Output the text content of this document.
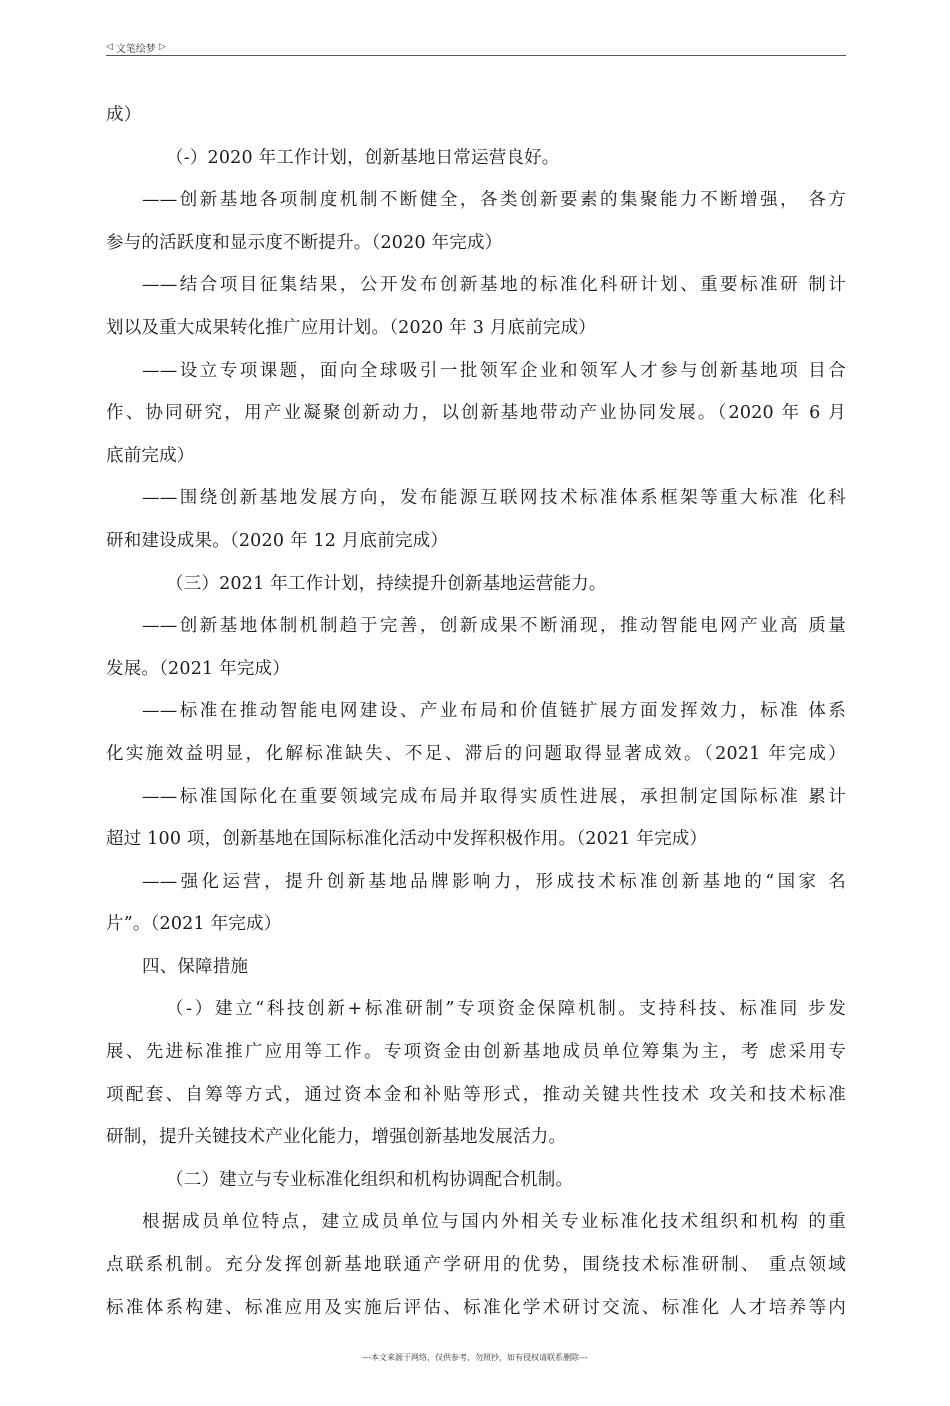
◁ 文笔绘梦 ▷
成）
（-）2020 年工作计划，创新基地日常运营良好。
——创新基地各项制度机制不断健全，各类创新要素的集聚能力不断增强， 各方
参与的活跃度和显示度不断提升。（2020 年完成）
——结合项目征集结果，公开发布创新基地的标准化科研计划、重要标准研 制计
划以及重大成果转化推广应用计划。（2020 年 3 月底前完成）
——设立专项课题，面向全球吸引一批领军企业和领军人才参与创新基地项 目合
作、协同研究，用产业凝聚创新动力，以创新基地带动产业协同发展。（2020 年 6 月
底前完成）
——围绕创新基地发展方向，发布能源互联网技术标准体系框架等重大标准 化科
研和建设成果。（2020 年 12 月底前完成）
（三）2021 年工作计划，持续提升创新基地运营能力。
——创新基地体制机制趋于完善，创新成果不断涌现，推动智能电网产业高 质量
发展。（2021 年完成）
——标准在推动智能电网建设、产业布局和价值链扩展方面发挥效力，标准 体系
化实施效益明显，化解标准缺失、不足、滞后的问题取得显著成效。（2021 年完成）
——标准国际化在重要领域完成布局并取得实质性进展，承担制定国际标准 累计
超过 100 项，创新基地在国际标准化活动中发挥积极作用。（2021 年完成）
——强化运营，提升创新基地品牌影响力，形成技术标准创新基地的“国家 名
片”。（2021 年完成）
四、保障措施
（-）建立“科技创新+标准研制”专项资金保障机制。支持科技、标准同 步发
展、先进标准推广应用等工作。专项资金由创新基地成员单位筹集为主，考 虑采用专
项配套、自筹等方式，通过资本金和补贴等形式，推动关键共性技术 攻关和技术标准
研制，提升关键技术产业化能力，增强创新基地发展活力。
（二）建立与专业标准化组织和机构协调配合机制。
根据成员单位特点，建立成员单位与国内外相关专业标准化技术组织和机构 的重
点联系机制。充分发挥创新基地联通产学研用的优势，围绕技术标准研制、 重点领域
标准体系构建、标准应用及实施后评估、标准化学术研讨交流、标准化 人才培养等内
---本文来源于网络，仅供参考，勿照抄，如有侵权请联系删除---
